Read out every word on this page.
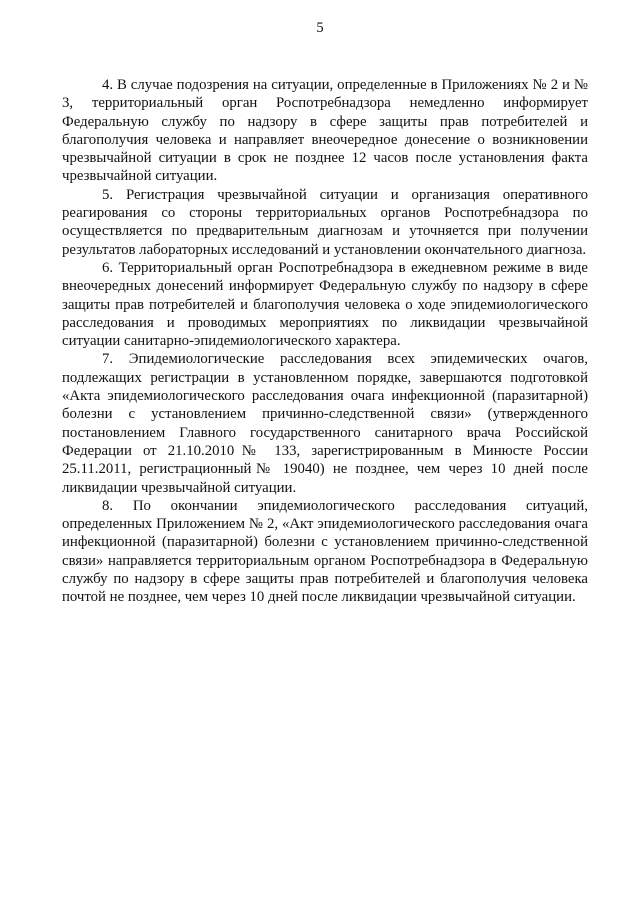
5

4. В случае подозрения на ситуации, определенные в Приложениях № 2 и № 3, территориальный орган Роспотребнадзора немедленно информирует Федеральную службу по надзору в сфере защиты прав потребителей и благополучия человека и направляет внеочередное донесение о возникновении чрезвычайной ситуации в срок не позднее 12 часов после установления факта чрезвычайной ситуации.

5. Регистрация чрезвычайной ситуации и организация оперативного реагирования со стороны территориальных органов Роспотребнадзора по осуществляется по предварительным диагнозам и уточняется при получении результатов лабораторных исследований и установлении окончательного диагноза.

6. Территориальный орган Роспотребнадзора в ежедневном режиме в виде внеочередных донесений информирует Федеральную службу по надзору в сфере защиты прав потребителей и благополучия человека о ходе эпидемиологического расследования и проводимых мероприятиях по ликвидации чрезвычайной ситуации санитарно-эпидемиологического характера.

7. Эпидемиологические расследования всех эпидемических очагов, подлежащих регистрации в установленном порядке, завершаются подготовкой «Акта эпидемиологического расследования очага инфекционной (паразитарной) болезни с установлением причинно-следственной связи» (утвержденного постановлением Главного государственного санитарного врача Российской Федерации от 21.10.2010№ 133, зарегистрированным в Минюсте России 25.11.2011, регистрационный№ 19040) не позднее, чем через 10 дней после ликвидации чрезвычайной ситуации.

8. По окончании эпидемиологического расследования ситуаций, определенных Приложением № 2, «Акт эпидемиологического расследования очага инфекционной (паразитарной) болезни с установлением причинно-следственной связи» направляется территориальным органом Роспотребнадзора в Федеральную службу по надзору в сфере защиты прав потребителей и благополучия человека почтой не позднее, чем через 10 дней после ликвидации чрезвычайной ситуации.
